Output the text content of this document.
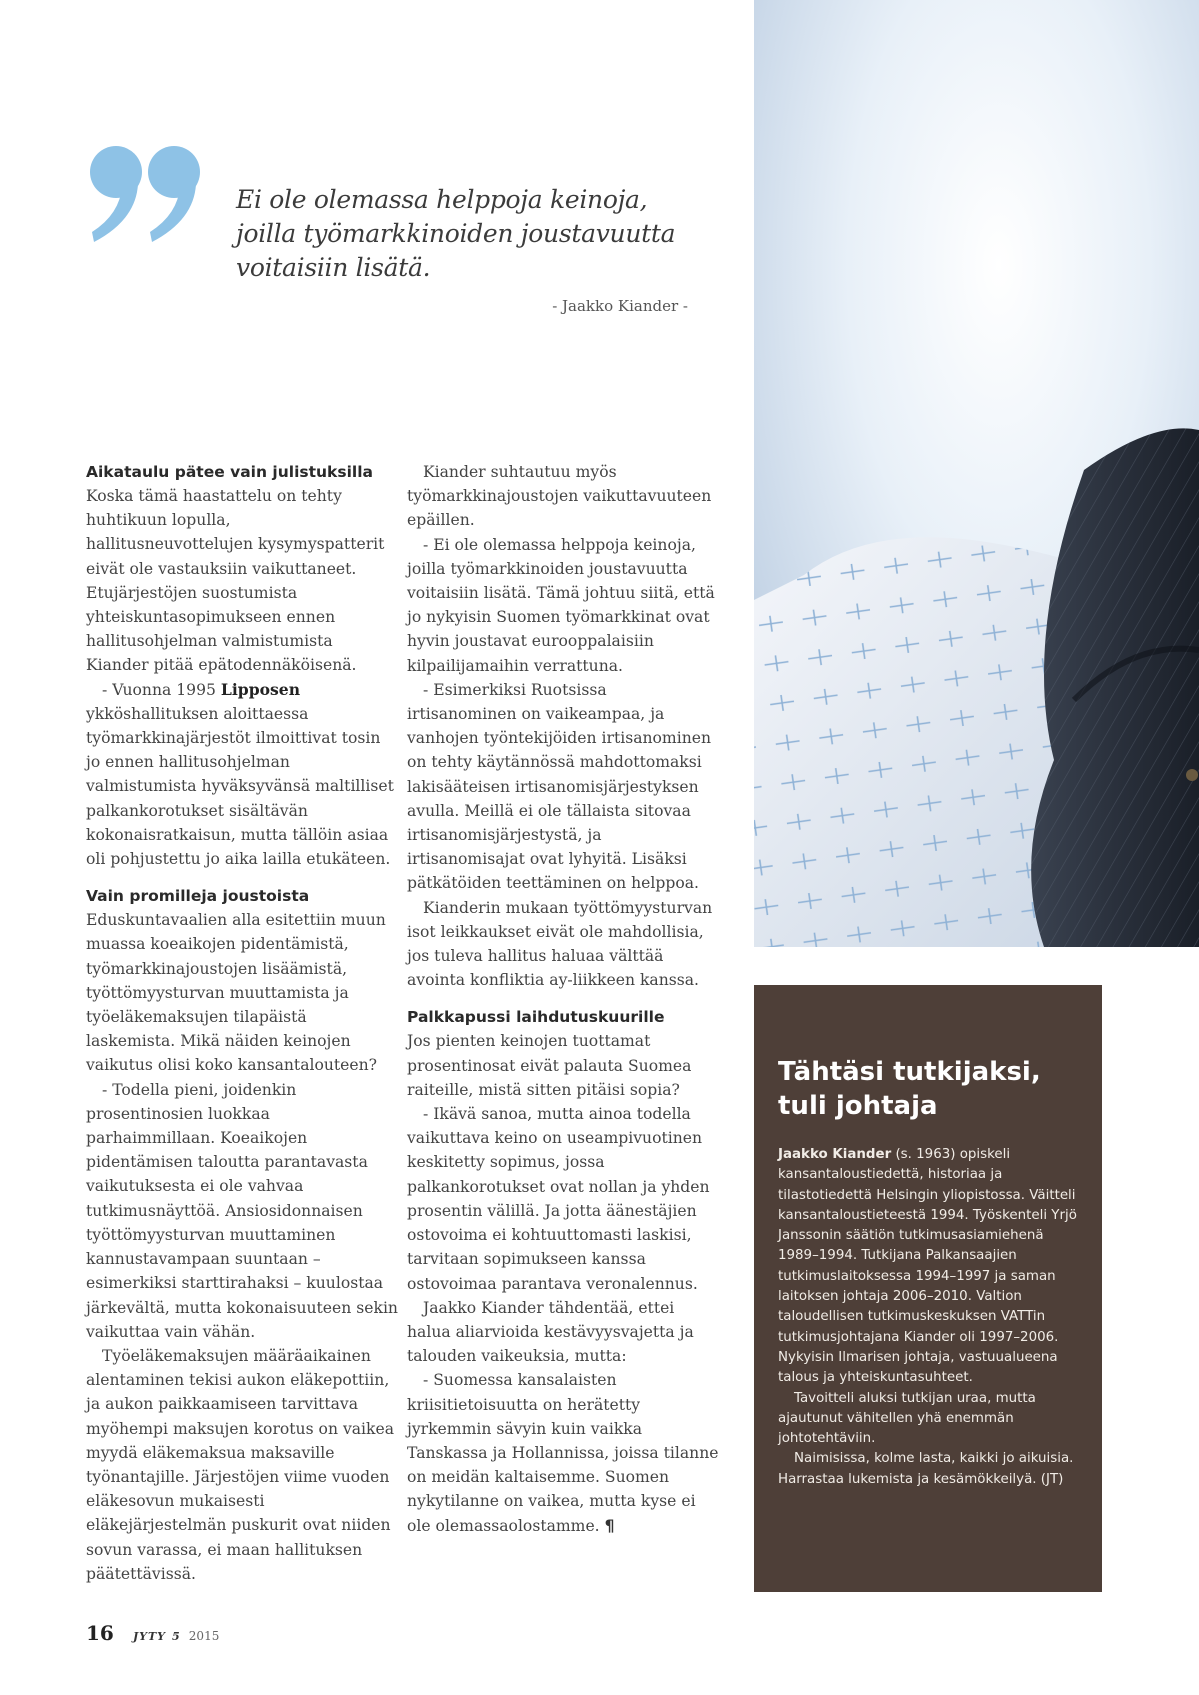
Ei ole olemassa helppoja keinoja, joilla työmarkkinoiden joustavuutta voitaisiin lisätä.

- Jaakko Kiander -
Aikataulu pätee vain julistuksilla

Koska tämä haastattelu on tehty huhtikuun lopulla, hallitusneuvottelujen kysymyspatterit eivät ole vastauksiin vaikuttaneet. Etujärjestöjen suostumista yhteiskuntasopimukseen ennen hallitusohjelman valmistumista Kiander pitää epätodennäköisenä.

- Vuonna 1995 Lipposen ykköshallituksen aloittaessa työmarkkinajärjestöt ilmoittivat tosin jo ennen hallitusohjelman valmistumista hyväksyvänsä maltilliset palkankorotukset sisältävän kokonaisratkaisun, mutta tällöin asiaa oli pohjustettu jo aika lailla etukäteen.

Vain promilleja joustoista

Eduskuntavaalien alla esitettiin muun muassa koeaikojen pidentämistä, työmarkkinajoustojen lisäämistä, työttömyysturvan muuttamista ja työeläkemaksujen tilapäistä laskemista. Mikä näiden keinojen vaikutus olisi koko kansantalouteen?

- Todella pieni, joidenkin prosentinosien luokkaa parhaimmillaan. Koeaikojen pidentämisen taloutta parantavasta vaikutuksesta ei ole vahvaa tutkimusnäyttöä. Ansiosidonnaisen työttömyysturvan muuttaminen kannustavampaan suuntaan – esimerkiksi starttirahaksi – kuulostaa järkevältä, mutta kokonaisuuteen sekin vaikuttaa vain vähän.

Työeläkemaksujen määräaikainen alentaminen tekisi aukon eläkepottiin, ja aukon paikkaamiseen tarvittava myöhempi maksujen korotus on vaikea myydä eläkemaksua maksaville työnantajille. Järjestöjen viime vuoden eläkesovun mukaisesti eläkejärjestelmän puskurit ovat niiden sovun varassa, ei maan hallituksen päätettävissä.

Kiander suhtautuu myös työmarkkinajoustojen vaikuttavuuteen epäillen.

- Ei ole olemassa helppoja keinoja, joilla työmarkkinoiden joustavuutta voitaisiin lisätä. Tämä johtuu siitä, että jo nykyisin Suomen työmarkkinat ovat hyvin joustavat eurooppalaisiin kilpailijamaihin verrattuna.

- Esimerkiksi Ruotsissa irtisanominen on vaikeampaa, ja vanhojen työntekijöiden irtisanominen on tehty käytännössä mahdottomaksi lakisääteisen irtisanomisjärjestyksen avulla. Meillä ei ole tällaista sitovaa irtisanomisjärjestystä, ja irtisanomisajat ovat lyhyitä. Lisäksi pätkätöiden teettäminen on helppoa.

Kianderin mukaan työttömyysturvan isot leikkaukset eivät ole mahdollisia, jos tuleva hallitus haluaa välttää avointa konfliktia ay-liikkeen kanssa.

Palkkapussi laihdutuskuurille

Jos pienten keinojen tuottamat prosentinosat eivät palauta Suomea raiteille, mistä sitten pitäisi sopia?

- Ikävä sanoa, mutta ainoa todella vaikuttava keino on useampivuotinen keskitetty sopimus, jossa palkankorotukset ovat nollan ja yhden prosentin välillä. Ja jotta äänestäjien ostovoima ei kohtuuttomasti laskisi, tarvitaan sopimukseen kanssa ostovoimaa parantava veronalennus.

Jaakko Kiander tähdentää, ettei halua aliarvioida kestävyysvajetta ja talouden vaikeuksia, mutta:

- Suomessa kansalaisten kriisitietoisuutta on herätetty jyrkemmin sävyin kuin vaikka Tanskassa ja Hollannissa, joissa tilanne on meidän kaltaisemme. Suomen nykytilanne on vaikea, mutta kyse ei ole olemassaolostamme. ¶

Tähtäsi tutkijaksi,
tuli johtaja

Jaakko Kiander (s. 1963) opiskeli kansantaloustiedettä, historiaa ja tilastotiedettä Helsingin yliopistossa. Väitteli kansantaloustieteestä 1994. Työskenteli Yrjö Janssonin säätiön tutkimusasiamiehenä 1989–1994. Tutkijana Palkansaajien tutkimuslaitoksessa 1994–1997 ja saman laitoksen johtaja 2006–2010. Valtion taloudellisen tutkimuskeskuksen VATTin tutkimusjohtajana Kiander oli 1997–2006. Nykyisin Ilmarisen johtaja, vastuualueena talous ja yhteiskuntasuhteet.

Tavoitteli aluksi tutkijan uraa, mutta ajautunut vähitellen yhä enemmän johtotehtäviin.

Naimisissa, kolme lasta, kaikki jo aikuisia. Harrastaa lukemista ja kesämökkeilyä. (JT)

16 JYTY 5 2015
